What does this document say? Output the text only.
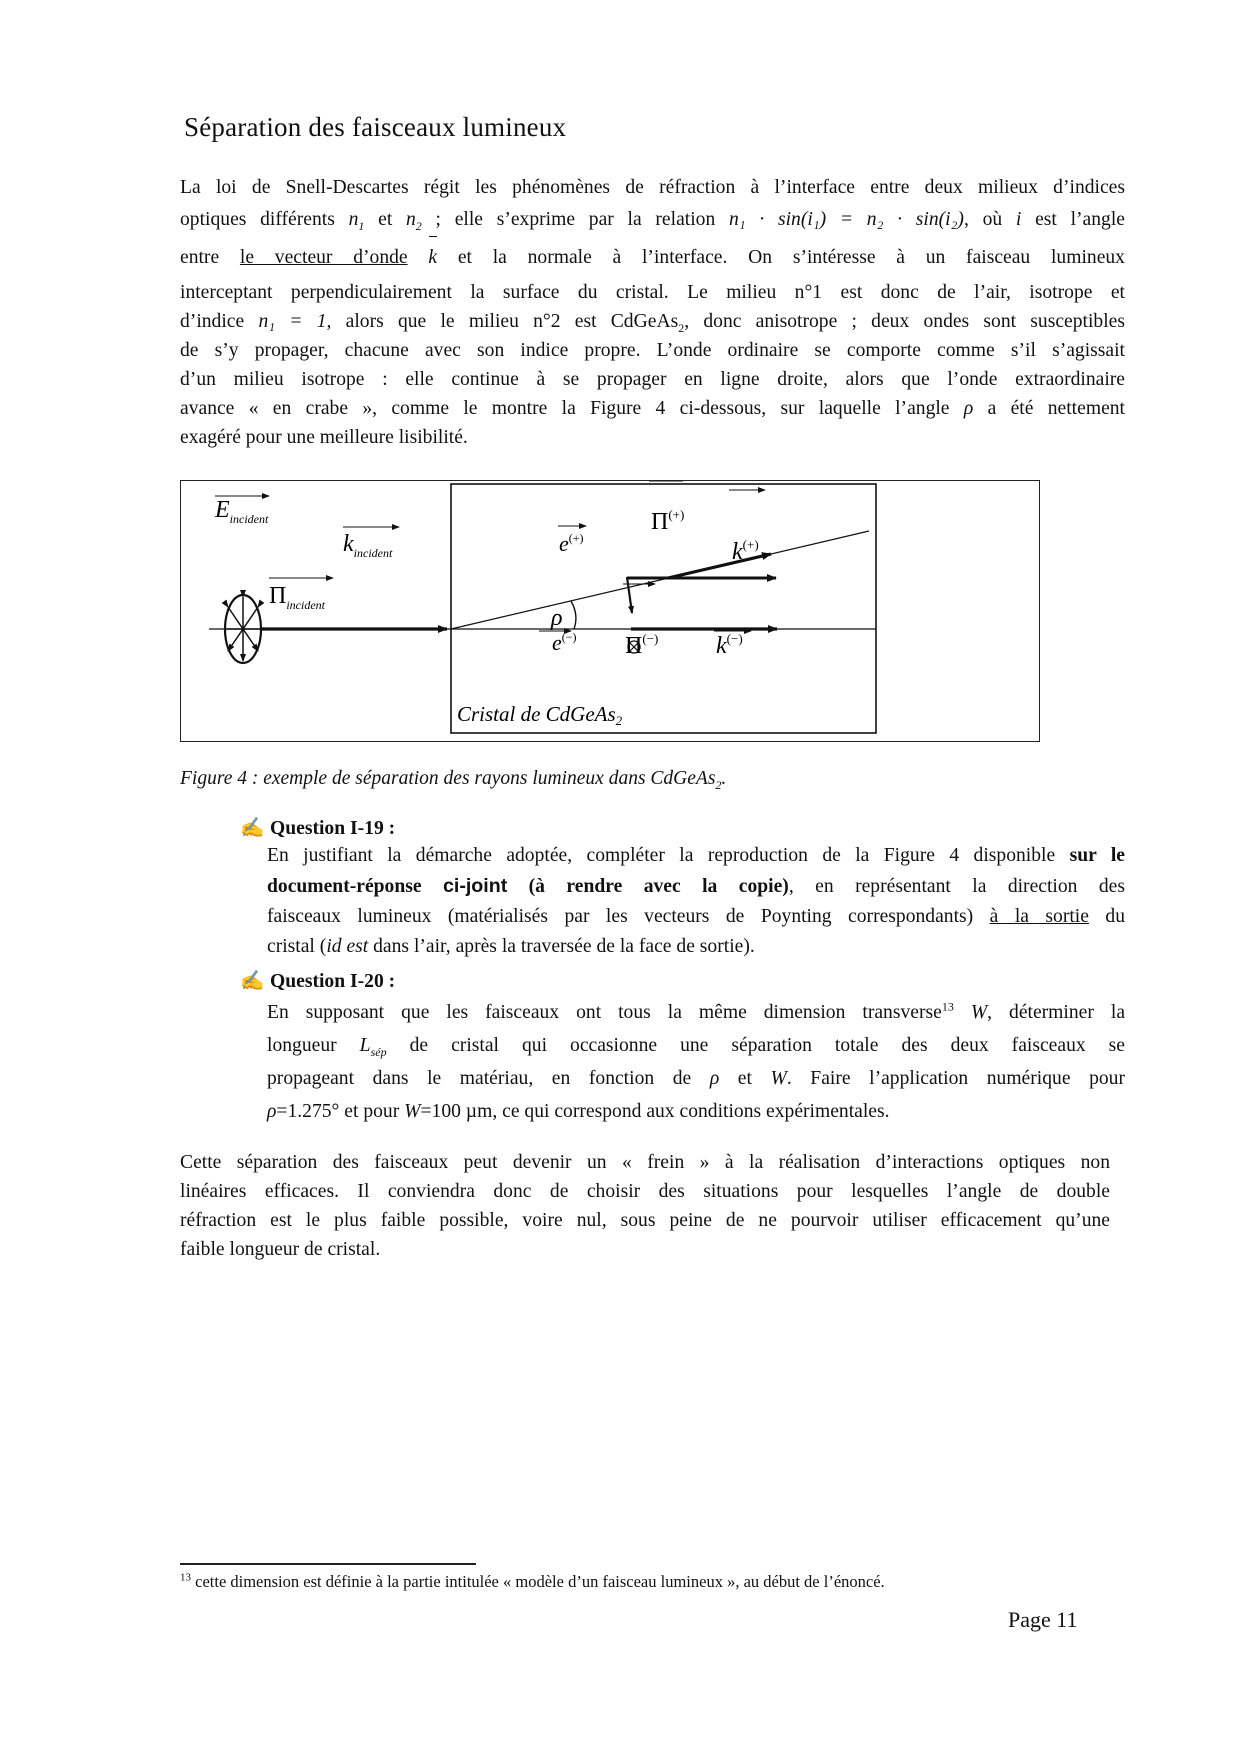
Séparation des faisceaux lumineux
La loi de Snell-Descartes régit les phénomènes de réfraction à l’interface entre deux milieux d’indices
optiques différents $n_1$ et $n_2$ ; elle s’exprime par la relation n₁ · sin(i₁) = n₂ · sin(i₂), où i est l’angle
entre le vecteur d’onde k et la normale à l’interface. On s’intéresse à un faisceau lumineux
interceptant perpendiculairement la surface du cristal. Le milieu n°1 est donc de l’air, isotrope et
d’indice n₁ = 1, alors que le milieu n°2 est CdGeAs$_2$, donc anisotrope ; deux ondes sont susceptibles
de s’y propager, chacune avec son indice propre. L’onde ordinaire se comporte comme s’il s’agissait
d’un milieu isotrope : elle continue à se propager en ligne droite, alors que l’onde extraordinaire
avance « en crabe », comme le montre la Figure 4 ci-dessous, sur laquelle l’angle ρ a été nettement
exagéré pour une meilleure lisibilité.
$E_{incident}$
$k_{incident}$
$\Pi_{incident}$
Π(+)
k(+)
e(+)
ρ
e(−) Π(−) k(−)
Cristal de CdGeAs2

Figure 4 : exemple de séparation des rayons lumineux dans CdGeAs$_2$.

✍ Question I-19 :
En justifiant la démarche adoptée, compléter la reproduction de la Figure 4 disponible sur le
document-réponse ci-joint (à rendre avec la copie), en représentant la direction des
faisceaux lumineux (matérialisés par les vecteurs de Poynting correspondants) à la sortie du
cristal (id est dans l’air, après la traversée de la face de sortie).
✍ Question I-20 :
En supposant que les faisceaux ont tous la même dimension transverse$^{13}$ W, déterminer la
longueur $L_{sép}$ de cristal qui occasionne une séparation totale des deux faisceaux se
propageant dans le matériau, en fonction de ρ et W. Faire l’application numérique pour
ρ=1.275° et pour W=100 µm, ce qui correspond aux conditions expérimentales.
Cette séparation des faisceaux peut devenir un « frein » à la réalisation d’interactions optiques non
linéaires efficaces. Il conviendra donc de choisir des situations pour lesquelles l’angle de double
réfraction est le plus faible possible, voire nul, sous peine de ne pourvoir utiliser efficacement qu’une
faible longueur de cristal.
$^{13}$ cette dimension est définie à la partie intitulée « modèle d’un faisceau lumineux », au début de l’énoncé.
Page 11
